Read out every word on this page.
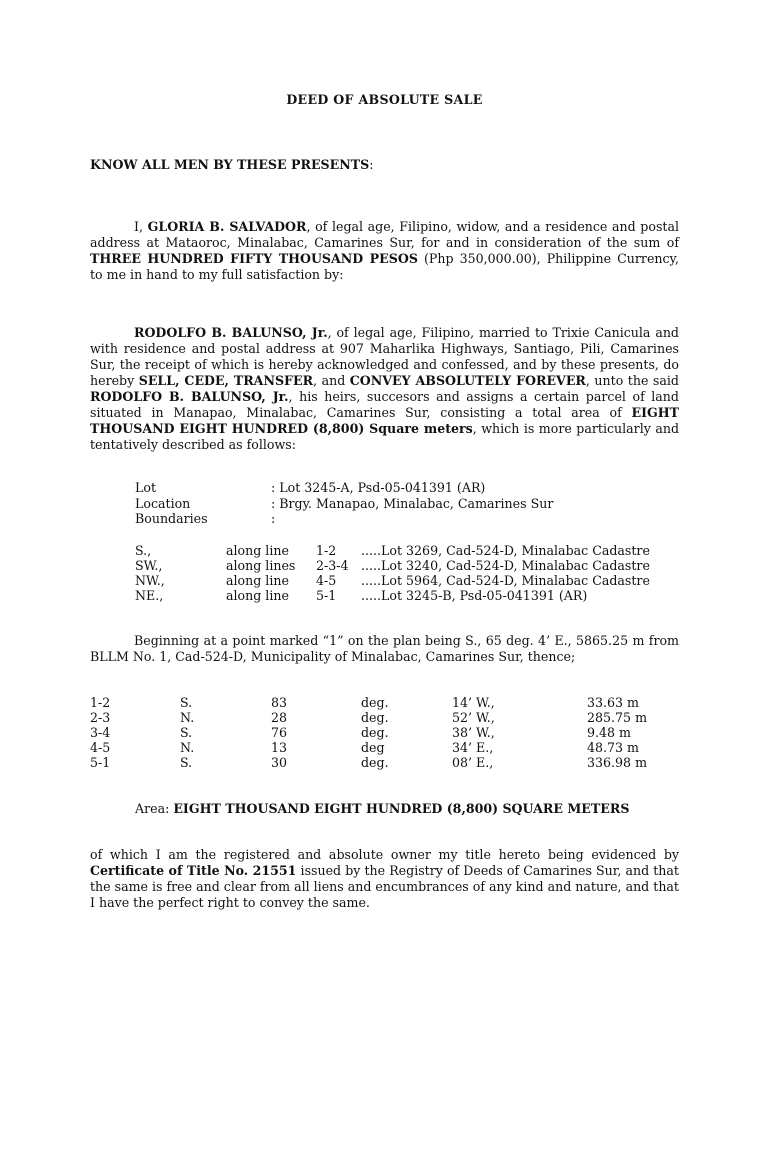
DEED OF ABSOLUTE SALE
KNOW ALL MEN BY THESE PRESENTS:
I, GLORIA B. SALVADOR, of legal age, Filipino, widow, and a residence and postal address at Mataoroc, Minalabac, Camarines Sur, for and in consideration of the sum of THREE HUNDRED FIFTY THOUSAND PESOS (Php 350,000.00), Philippine Currency, to me in hand to my full satisfaction by:
RODOLFO B. BALUNSO, Jr., of legal age, Filipino, married to Trixie Canicula and with residence and postal address at 907 Maharlika Highways, Santiago, Pili, Camarines Sur, the receipt of which is hereby acknowledged and confessed, and by these presents, do hereby SELL, CEDE, TRANSFER, and CONVEY ABSOLUTELY FOREVER, unto the said RODOLFO B. BALUNSO, Jr., his heirs, succesors and assigns a certain parcel of land situated in Manapao, Minalabac, Camarines Sur, consisting a total area of EIGHT THOUSAND EIGHT HUNDRED (8,800) Square meters, which is more particularly and tentatively described as follows:
Lot	: Lot 3245-A, Psd-05-041391 (AR)
Location	: Brgy. Manapao, Minalabac, Camarines Sur
Boundaries	:
S.,	along line 1-2 .....Lot 3269, Cad-524-D, Minalabac Cadastre
SW.,	along lines 2-3-4 .....Lot 3240, Cad-524-D, Minalabac Cadastre
NW.,	along line 4-5 .....Lot 5964, Cad-524-D, Minalabac Cadastre
NE.,	along line 5-1 .....Lot 3245-B, Psd-05-041391 (AR)
Beginning at a point marked “1” on the plan being S., 65 deg. 4’ E., 5865.25 m from BLLM No. 1, Cad-524-D, Municipality of Minalabac, Camarines Sur, thence;
1-2	S.	83	deg.	14’ W.,	33.63 m
2-3	N.	28	deg.	52’ W.,	285.75 m
3-4	S.	76	deg.	38’ W.,	9.48 m
4-5	N.	13	deg	34’ E.,	48.73 m
5-1	S.	30	deg.	08’ E.,	336.98 m
Area: EIGHT THOUSAND EIGHT HUNDRED (8,800) SQUARE METERS
of which I am the registered and absolute owner my title hereto being evidenced by Certificate of Title No. 21551 issued by the Registry of Deeds of Camarines Sur, and that the same is free and clear from all liens and encumbrances of any kind and nature, and that I have the perfect right to convey the same.
